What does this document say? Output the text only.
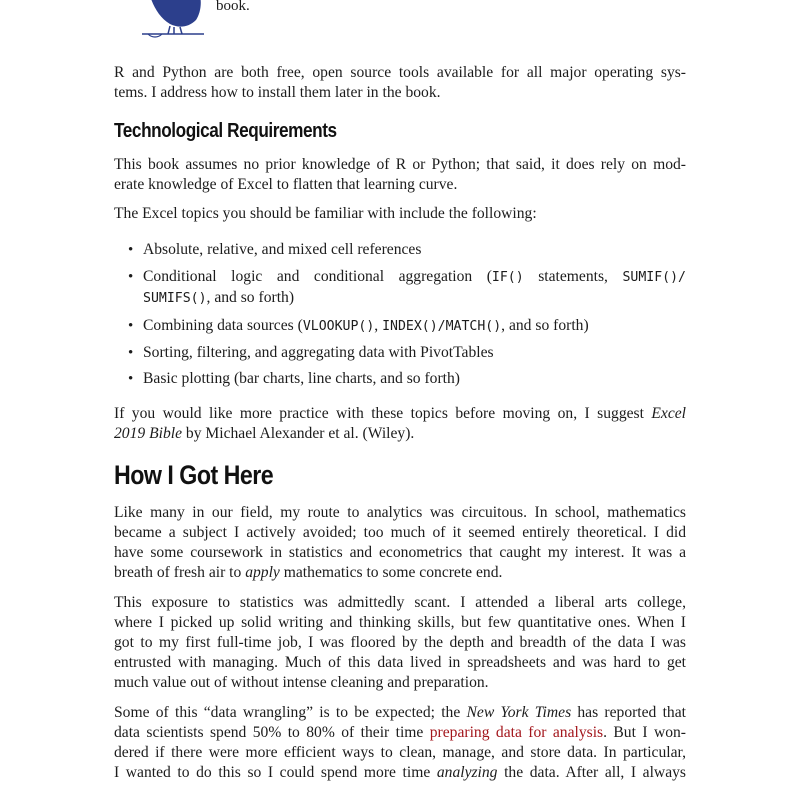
book.

R and Python are both free, open source tools available for all major operating sys-
tems. I address how to install them later in the book.

Technological Requirements

This book assumes no prior knowledge of R or Python; that said, it does rely on mod-
erate knowledge of Excel to flatten that learning curve.

The Excel topics you should be familiar with include the following:

• Absolute, relative, and mixed cell references
• Conditional logic and conditional aggregation (IF() statements, SUMIF()/
SUMIFS(), and so forth)
• Combining data sources (VLOOKUP(), INDEX()/MATCH(), and so forth)
• Sorting, filtering, and aggregating data with PivotTables
• Basic plotting (bar charts, line charts, and so forth)

If you would like more practice with these topics before moving on, I suggest Excel
2019 Bible by Michael Alexander et al. (Wiley).

How I Got Here

Like many in our field, my route to analytics was circuitous. In school, mathematics
became a subject I actively avoided; too much of it seemed entirely theoretical. I did
have some coursework in statistics and econometrics that caught my interest. It was a
breath of fresh air to apply mathematics to some concrete end.

This exposure to statistics was admittedly scant. I attended a liberal arts college,
where I picked up solid writing and thinking skills, but few quantitative ones. When I
got to my first full-time job, I was floored by the depth and breadth of the data I was
entrusted with managing. Much of this data lived in spreadsheets and was hard to get
much value out of without intense cleaning and preparation.

Some of this “data wrangling” is to be expected; the New York Times has reported that
data scientists spend 50% to 80% of their time preparing data for analysis. But I won-
dered if there were more efficient ways to clean, manage, and store data. In particular,
I wanted to do this so I could spend more time analyzing the data. After all, I always
